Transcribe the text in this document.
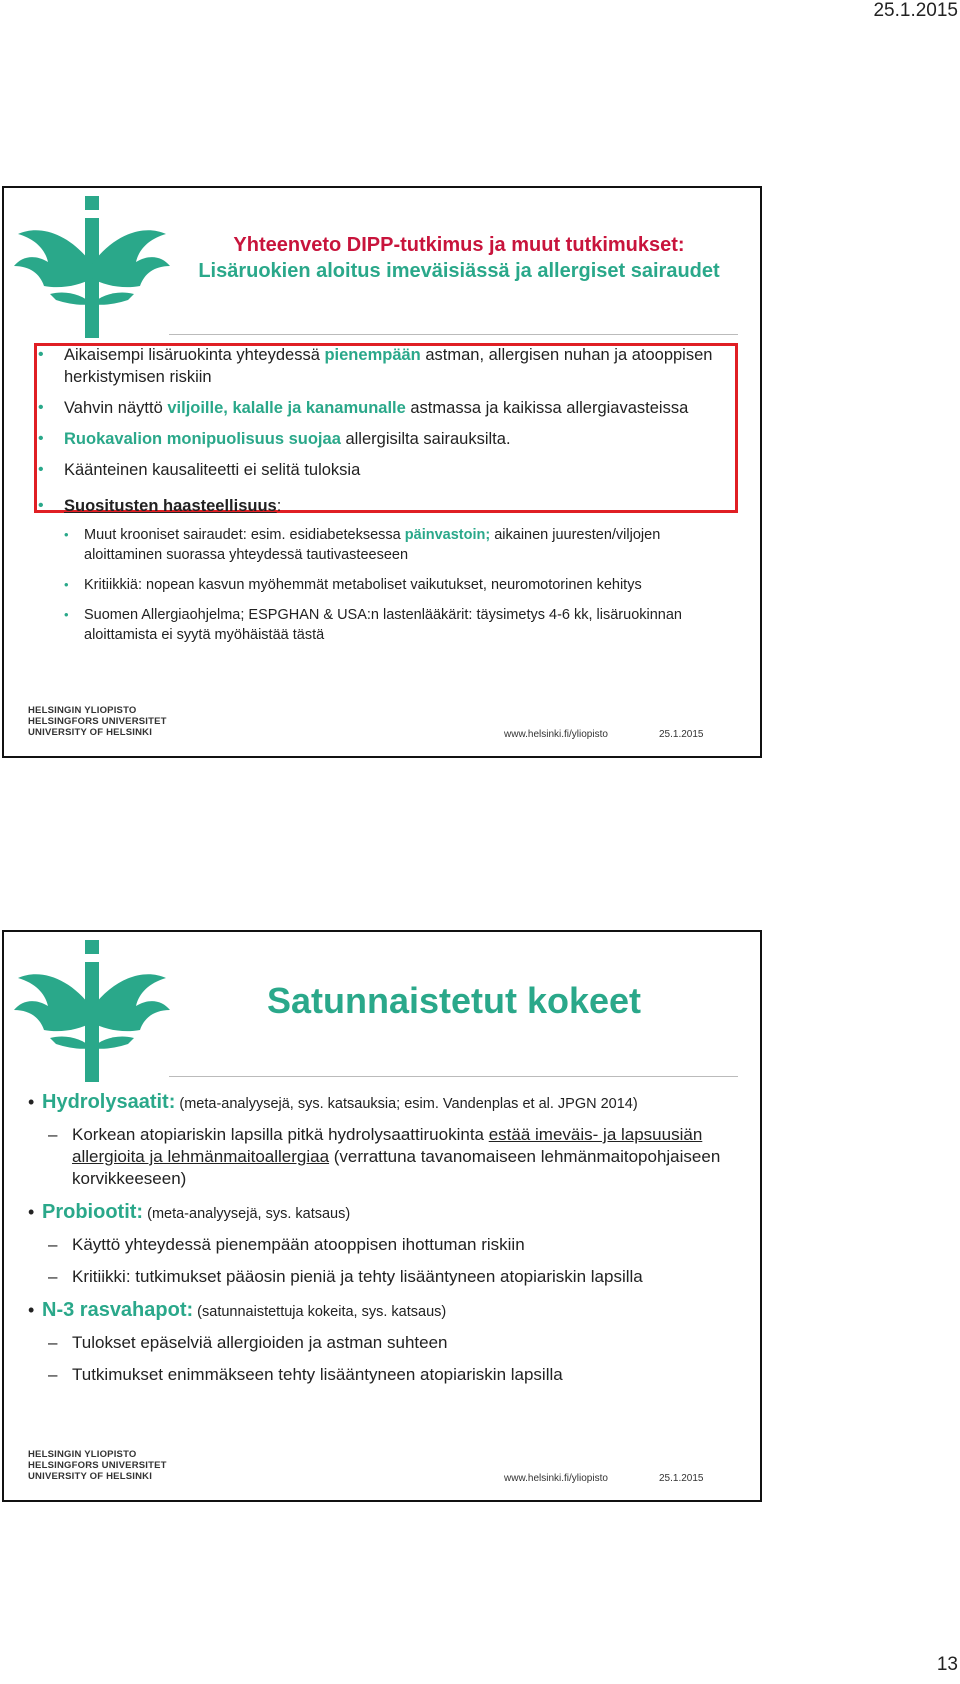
25.1.2015
Yhteenveto DIPP-tutkimus ja muut tutkimukset:
Lisäruokien aloitus imeväisiässä ja allergiset sairaudet
• Aikaisempi lisäruokinta yhteydessä pienempään astman, allergisen nuhan ja atooppisen herkistymisen riskiin
• Vahvin näyttö viljoille, kalalle ja kanamunalle astmassa ja kaikissa allergiavasteissa
• Ruokavalion monipuolisuus suojaa allergisilta sairauksilta.
• Käänteinen kausaliteetti ei selitä tuloksia
• Suositusten haasteellisuus:
• Muut krooniset sairaudet: esim. esidiabeteksessa päinvastoin; aikainen juuresten/viljojen aloittaminen suorassa yhteydessä tautivasteeseen
• Kritiikkiä: nopean kasvun myöhemmät metaboliset vaikutukset, neuromotorinen kehitys
• Suomen Allergiaohjelma; ESPGHAN & USA:n lastenlääkärit: täysimetys 4-6 kk, lisäruokinnan aloittamista ei syytä myöhäistää tästä
HELSINGIN YLIOPISTO
HELSINGFORS UNIVERSITET
UNIVERSITY OF HELSINKI	www.helsinki.fi/yliopisto	25.1.2015
Satunnaistetut kokeet
• Hydrolysaatit: (meta-analyysejä, sys. katsauksia; esim. Vandenplas et al. JPGN 2014)
– Korkean atopiariskin lapsilla pitkä hydrolysaattiruokinta estää imeväis- ja lapsuusiän allergioita ja lehmänmaitoallergiaa (verrattuna tavanomaiseen lehmänmaitopohjaiseen korvikkeeseen)
• Probiootit: (meta-analyysejä, sys. katsaus)
– Käyttö yhteydessä pienempään atooppisen ihottuman riskiin
– Kritiikki: tutkimukset pääosin pieniä ja tehty lisääntyneen atopiariskin lapsilla
• N-3 rasvahapot: (satunnaistettuja kokeita, sys. katsaus)
– Tulokset epäselviä allergioiden ja astman suhteen
– Tutkimukset enimmäkseen tehty lisääntyneen atopiariskin lapsilla
HELSINGIN YLIOPISTO
HELSINGFORS UNIVERSITET
UNIVERSITY OF HELSINKI	www.helsinki.fi/yliopisto	25.1.2015
13
